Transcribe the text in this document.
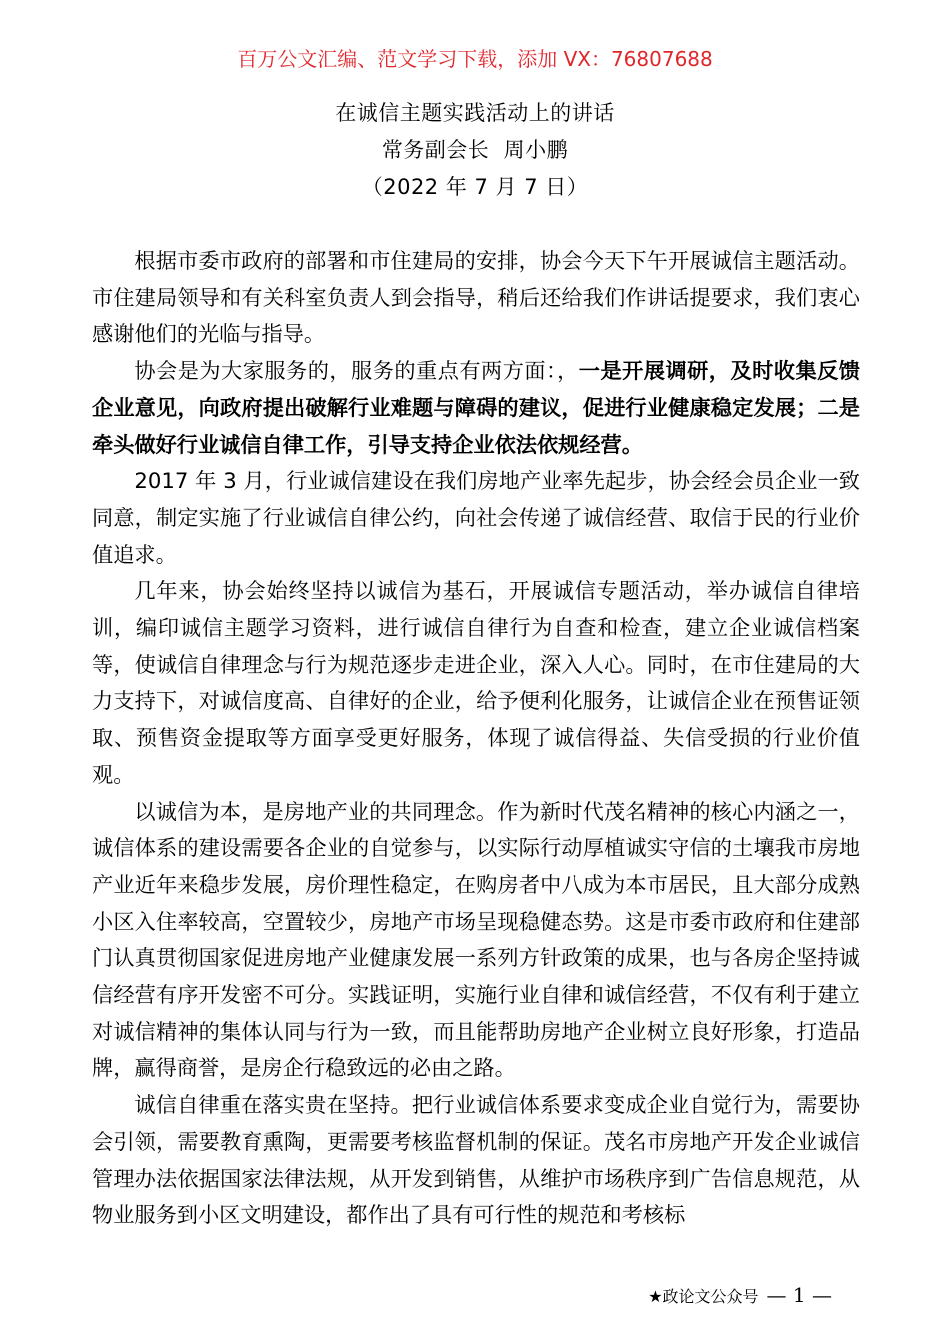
百万公文汇编、范文学习下载，添加 VX：76807688
在诚信主题实践活动上的讲话
常务副会长  周小鹏
（2022 年 7 月 7 日）

根据市委市政府的部署和市住建局的安排，协会今天下午开展诚信主题活动。市住建局领导和有关科室负责人到会指导，稍后还给我们作讲话提要求，我们衷心感谢他们的光临与指导。

协会是为大家服务的，服务的重点有两方面：，一是开展调研，及时收集反馈企业意见，向政府提出破解行业难题与障碍的建议，促进行业健康稳定发展；二是牵头做好行业诚信自律工作，引导支持企业依法依规经营。

2017 年 3 月，行业诚信建设在我们房地产业率先起步，协会经会员企业一致同意，制定实施了行业诚信自律公约，向社会传递了诚信经营、取信于民的行业价值追求。

几年来，协会始终坚持以诚信为基石，开展诚信专题活动，举办诚信自律培训，编印诚信主题学习资料，进行诚信自律行为自查和检查，建立企业诚信档案等，使诚信自律理念与行为规范逐步走进企业，深入人心。同时，在市住建局的大力支持下，对诚信度高、自律好的企业，给予便利化服务，让诚信企业在预售证领取、预售资金提取等方面享受更好服务，体现了诚信得益、失信受损的行业价值观。

以诚信为本，是房地产业的共同理念。作为新时代茂名精神的核心内涵之一，诚信体系的建设需要各企业的自觉参与，以实际行动厚植诚实守信的土壤我市房地产业近年来稳步发展，房价理性稳定，在购房者中八成为本市居民，且大部分成熟小区入住率较高，空置较少，房地产市场呈现稳健态势。这是市委市政府和住建部门认真贯彻国家促进房地产业健康发展一系列方针政策的成果，也与各房企坚持诚信经营有序开发密不可分。实践证明，实施行业自律和诚信经营，不仅有利于建立对诚信精神的集体认同与行为一致，而且能帮助房地产企业树立良好形象，打造品牌，赢得商誉，是房企行稳致远的必由之路。

诚信自律重在落实贵在坚持。把行业诚信体系要求变成企业自觉行为，需要协会引领，需要教育熏陶，更需要考核监督机制的保证。茂名市房地产开发企业诚信管理办法依据国家法律法规，从开发到销售，从维护市场秩序到广告信息规范，从物业服务到小区文明建设，都作出了具有可行性的规范和考核标

★政论文公众号 — 1 —
